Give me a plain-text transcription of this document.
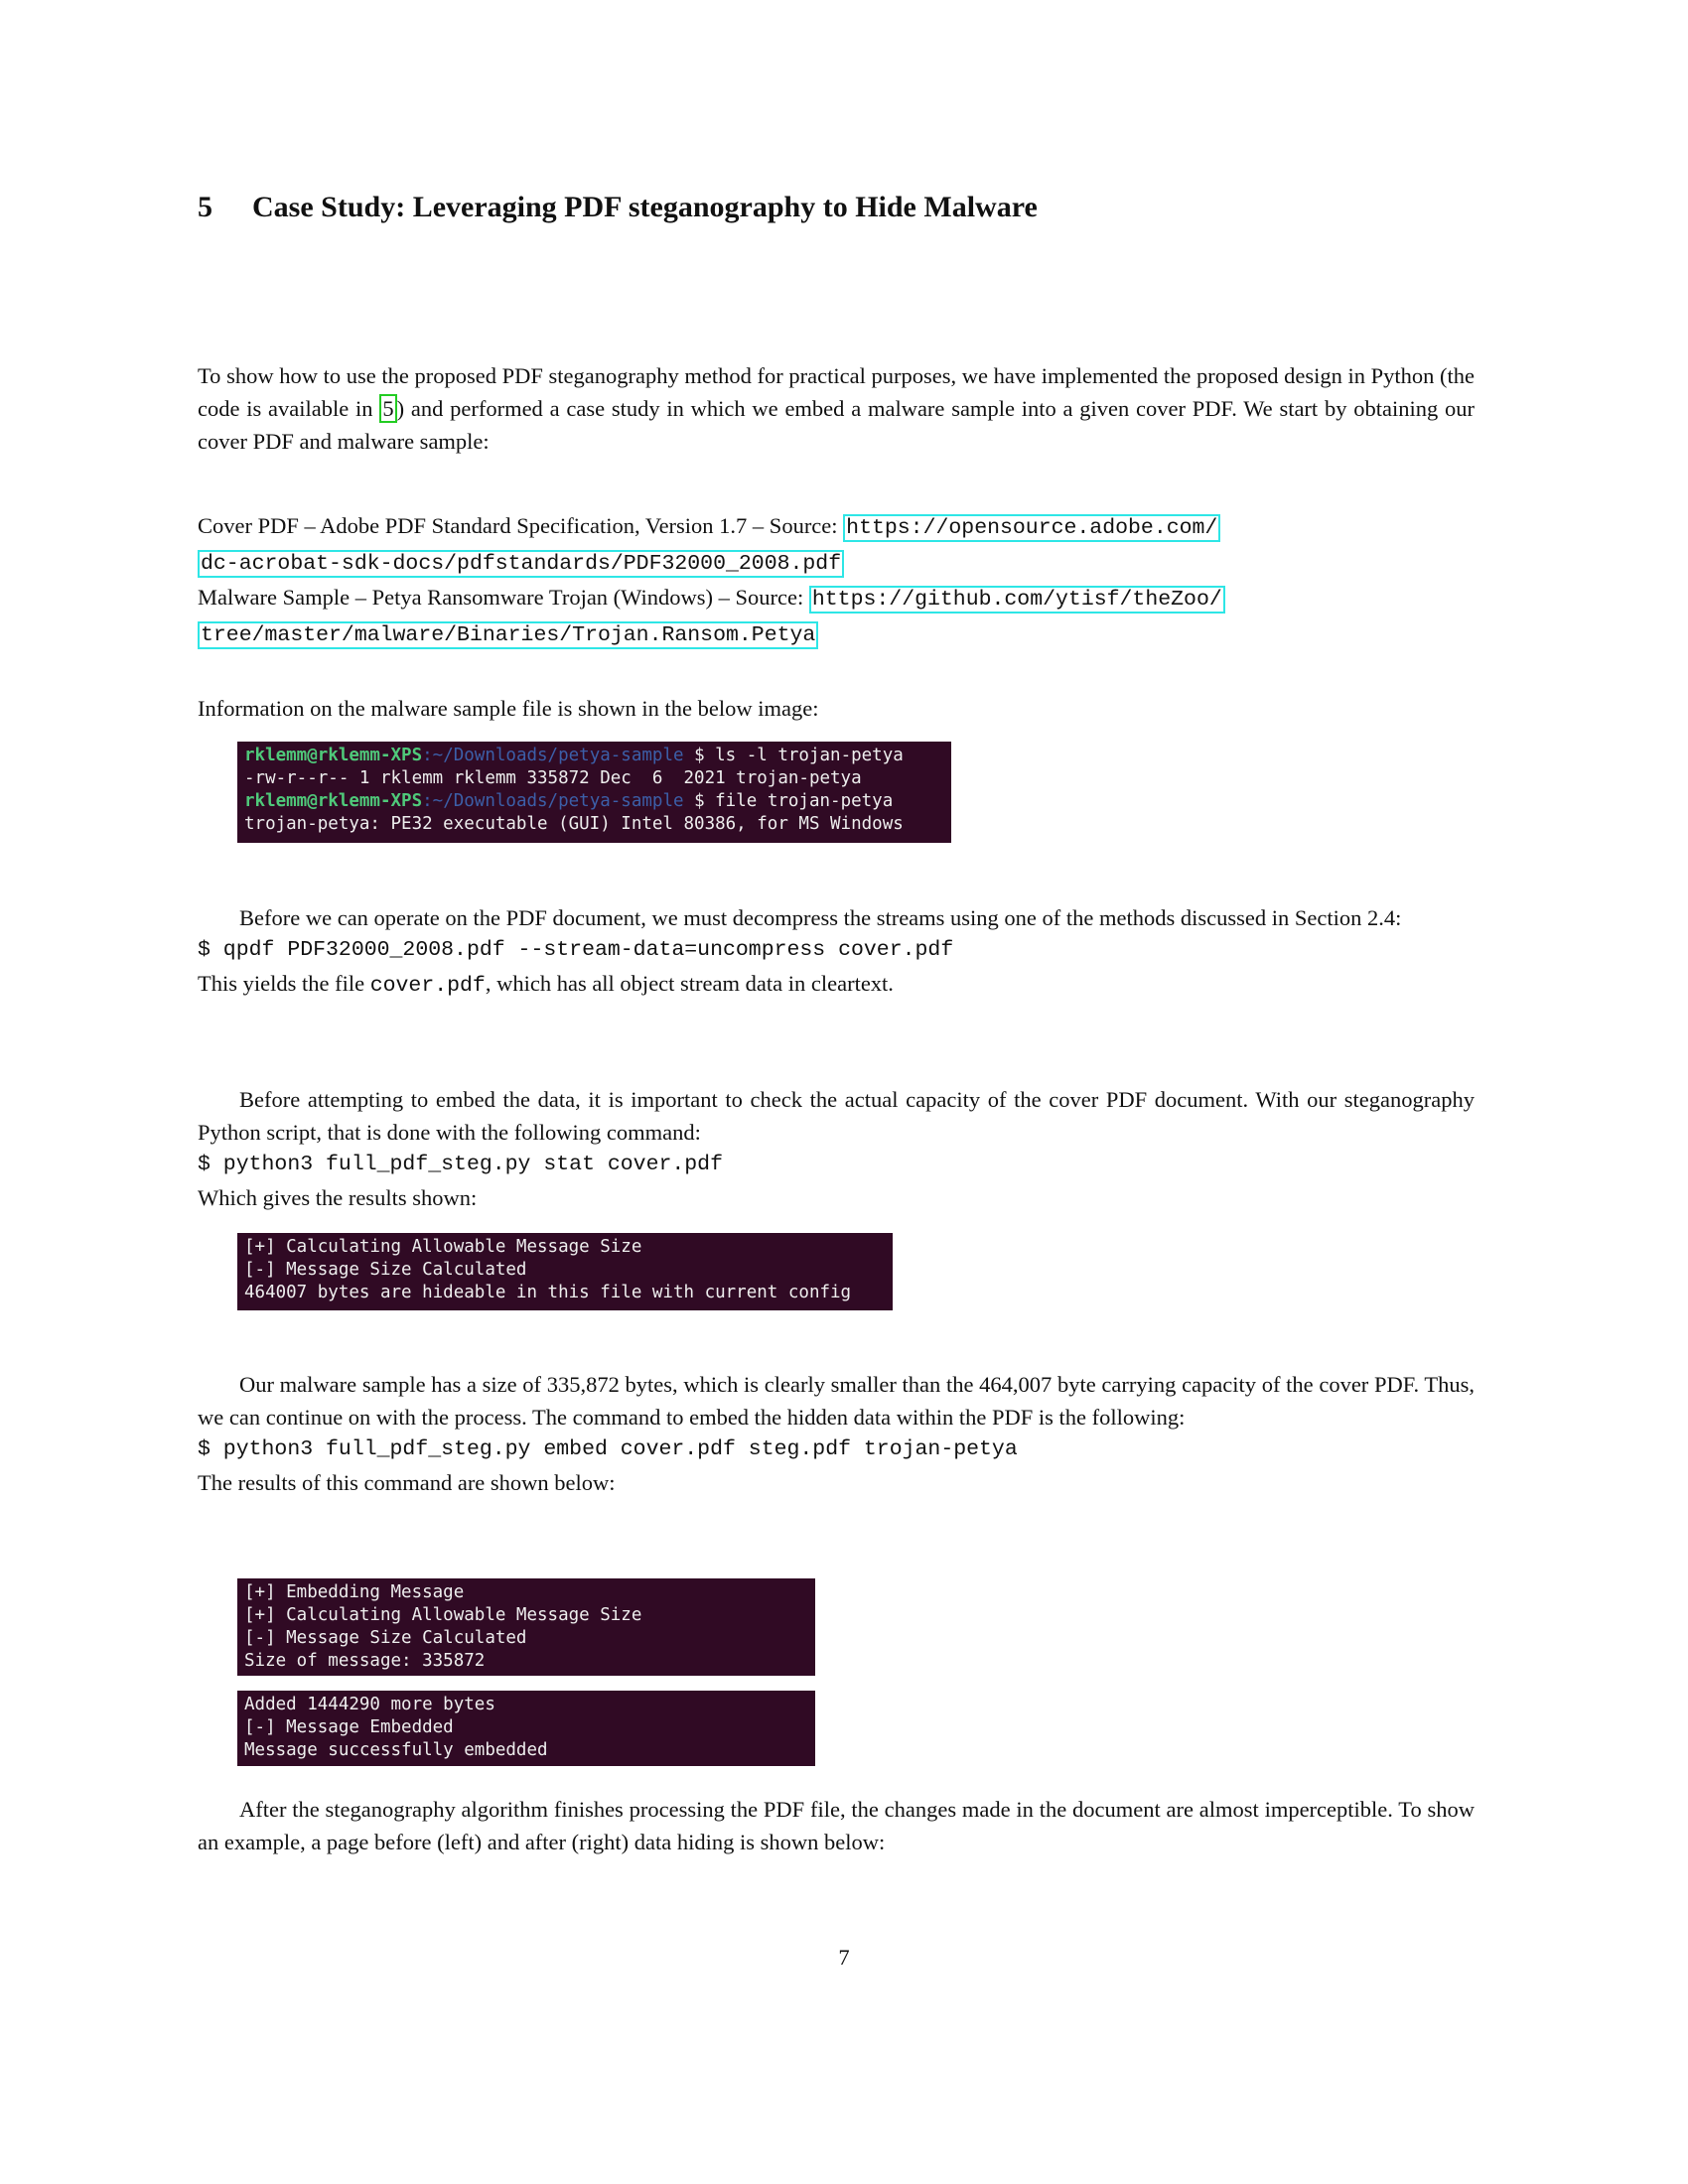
5 Case Study: Leveraging PDF steganography to Hide Malware
To show how to use the proposed PDF steganography method for practical purposes, we have implemented the proposed design in Python (the code is available in 5 ) and performed a case study in which we embed a malware sample into a given cover PDF. We start by obtaining our cover PDF and malware sample:
Cover PDF – Adobe PDF Standard Specification, Version 1.7 – Source: https://opensource.adobe.com/
dc-acrobat-sdk-docs/pdfstandards/PDF32000_2008.pdf
Malware Sample – Petya Ransomware Trojan (Windows) – Source: https://github.com/ytisf/theZoo/
tree/master/malware/Binaries/Trojan.Ransom.Petya
Information on the malware sample file is shown in the below image:
rklemm@rklemm-XPS:~/Downloads/petya-sample $ ls -l trojan-petya
-rw-r--r-- 1 rklemm rklemm 335872 Dec  6  2021 trojan-petya
rklemm@rklemm-XPS:~/Downloads/petya-sample $ file trojan-petya
trojan-petya: PE32 executable (GUI) Intel 80386, for MS Windows
Before we can operate on the PDF document, we must decompress the streams using one of the methods discussed in Section 2.4:
$ qpdf PDF32000_2008.pdf --stream-data=uncompress cover.pdf
This yields the file cover.pdf, which has all object stream data in cleartext.
Before attempting to embed the data, it is important to check the actual capacity of the cover PDF document. With our steganography Python script, that is done with the following command:
$ python3 full_pdf_steg.py stat cover.pdf
Which gives the results shown:
[+] Calculating Allowable Message Size
[-] Message Size Calculated
464007 bytes are hideable in this file with current config
Our malware sample has a size of 335,872 bytes, which is clearly smaller than the 464,007 byte carrying capacity of the cover PDF. Thus, we can continue on with the process. The command to embed the hidden data within the PDF is the following:
$ python3 full_pdf_steg.py embed cover.pdf steg.pdf trojan-petya
The results of this command are shown below:
[+] Embedding Message
[+] Calculating Allowable Message Size
[-] Message Size Calculated
Size of message: 335872
Added 1444290 more bytes
[-] Message Embedded
Message successfully embedded
After the steganography algorithm finishes processing the PDF file, the changes made in the document are almost imperceptible. To show an example, a page before (left) and after (right) data hiding is shown below:
7
